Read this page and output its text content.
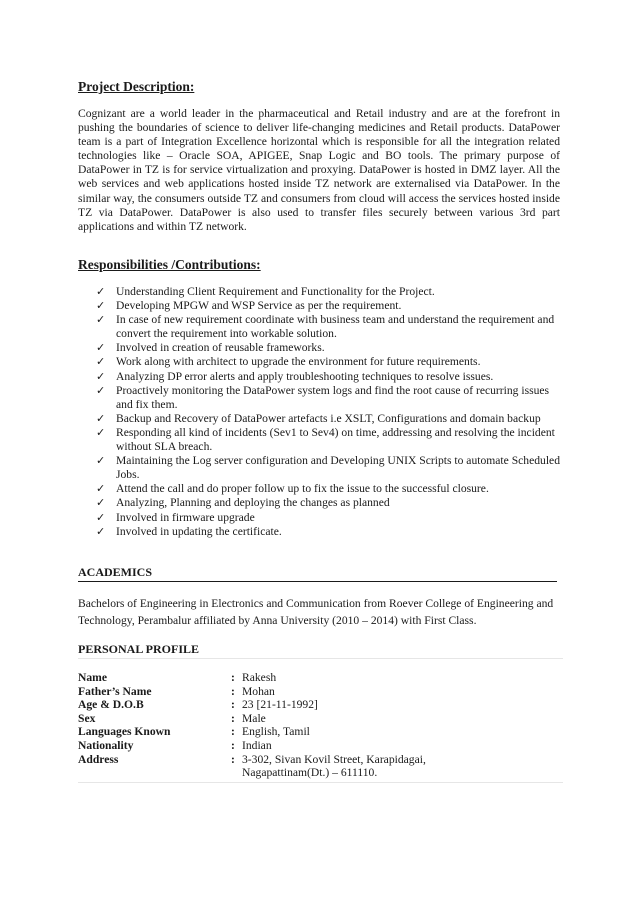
Project Description:

Cognizant are a world leader in the pharmaceutical and Retail industry and are at the forefront in pushing the boundaries of science to deliver life-changing medicines and Retail products. DataPower team is a part of Integration Excellence horizontal which is responsible for all the integration related technologies like – Oracle SOA, APIGEE, Snap Logic and BO tools. The primary purpose of DataPower in TZ is for service virtualization and proxying. DataPower is hosted in DMZ layer. All the web services and web applications hosted inside TZ network are externalised via DataPower. In the similar way, the consumers outside TZ and consumers from cloud will access the services hosted inside TZ via DataPower. DataPower is also used to transfer files securely between various 3rd part applications and within TZ network.

Responsibilities /Contributions:
✓ Understanding Client Requirement and Functionality for the Project.
✓ Developing MPGW and WSP Service as per the requirement.
✓ In case of new requirement coordinate with business team and understand the requirement and convert the requirement into workable solution.
✓ Involved in creation of reusable frameworks.
✓ Work along with architect to upgrade the environment for future requirements.
✓ Analyzing DP error alerts and apply troubleshooting techniques to resolve issues.
✓ Proactively monitoring the DataPower system logs and find the root cause of recurring issues and fix them.
✓ Backup and Recovery of DataPower artefacts i.e XSLT, Configurations and domain backup
✓ Responding all kind of incidents (Sev1 to Sev4) on time, addressing and resolving the incident without SLA breach.
✓ Maintaining the Log server configuration and Developing UNIX Scripts to automate Scheduled Jobs.
✓ Attend the call and do proper follow up to fix the issue to the successful closure.
✓ Analyzing, Planning and deploying the changes as planned
✓ Involved in firmware upgrade
✓ Involved in updating the certificate.
ACADEMICS

Bachelors of Engineering in Electronics and Communication from Roever College of Engineering and Technology, Perambalur affiliated by Anna University (2010 – 2014) with First Class.

PERSONAL PROFILE
Name	: Rakesh
Father’s Name	: Mohan
Age & D.O.B	: 23 [21-11-1992]
Sex	: Male
Languages Known	: English, Tamil
Nationality	: Indian
Address	: 3-302, Sivan Kovil Street, Karapidagai,
Nagapattinam(Dt.) – 611110.
